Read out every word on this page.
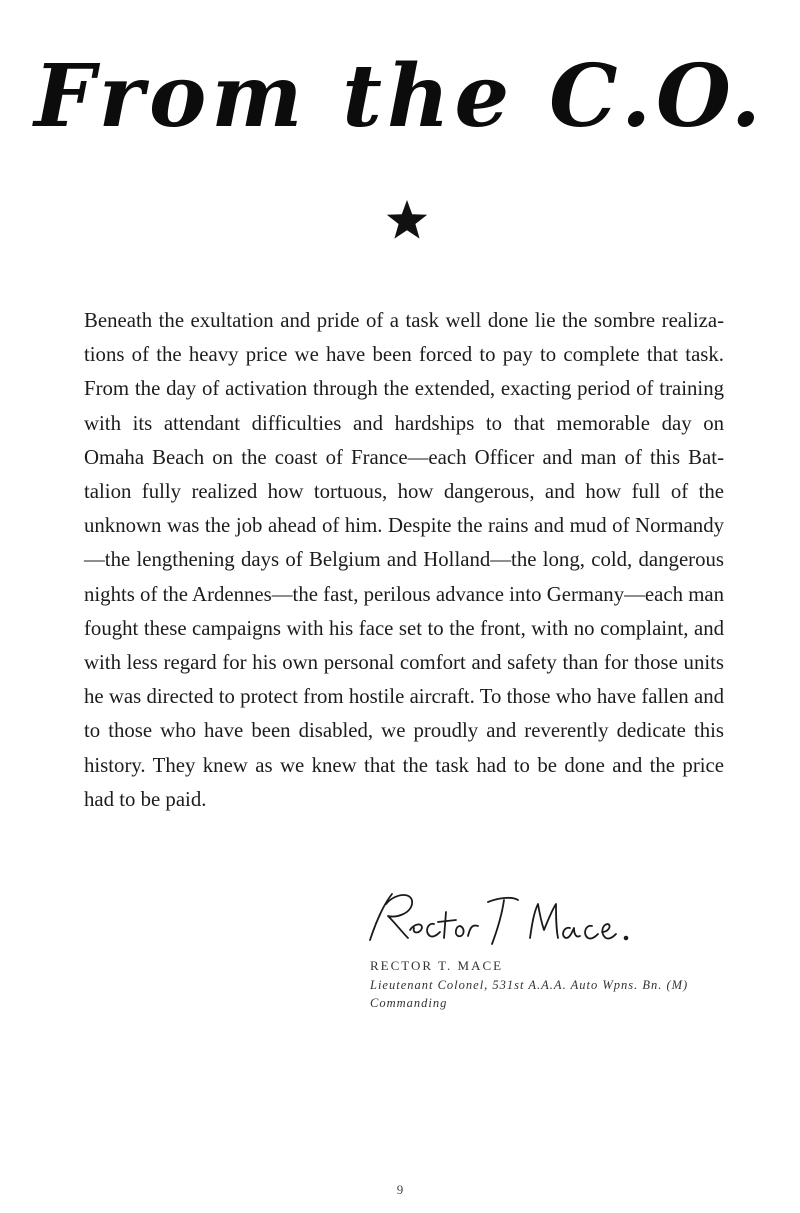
From the C.O.

Beneath the exultation and pride of a task well done lie the sombre realizations of the heavy price we have been forced to pay to complete that task. From the day of activation through the extended, exacting period of training with its attendant difficulties and hardships to that memorable day on Omaha Beach on the coast of France—each Officer and man of this Battalion fully realized how tortuous, how dangerous, and how full of the unknown was the job ahead of him. Despite the rains and mud of Normandy—the lengthening days of Belgium and Holland—the long, cold, dangerous nights of the Ardennes—the fast, perilous advance into Germany—each man fought these campaigns with his face set to the front, with no complaint, and with less regard for his own personal comfort and safety than for those units he was directed to protect from hostile aircraft. To those who have fallen and to those who have been disabled, we proudly and reverently dedicate this history. They knew as we knew that the task had to be done and the price had to be paid.

RECTOR T. MACE
Lieutenant Colonel, 531st A.A.A. Auto Wpns. Bn. (M)
Commanding
9
